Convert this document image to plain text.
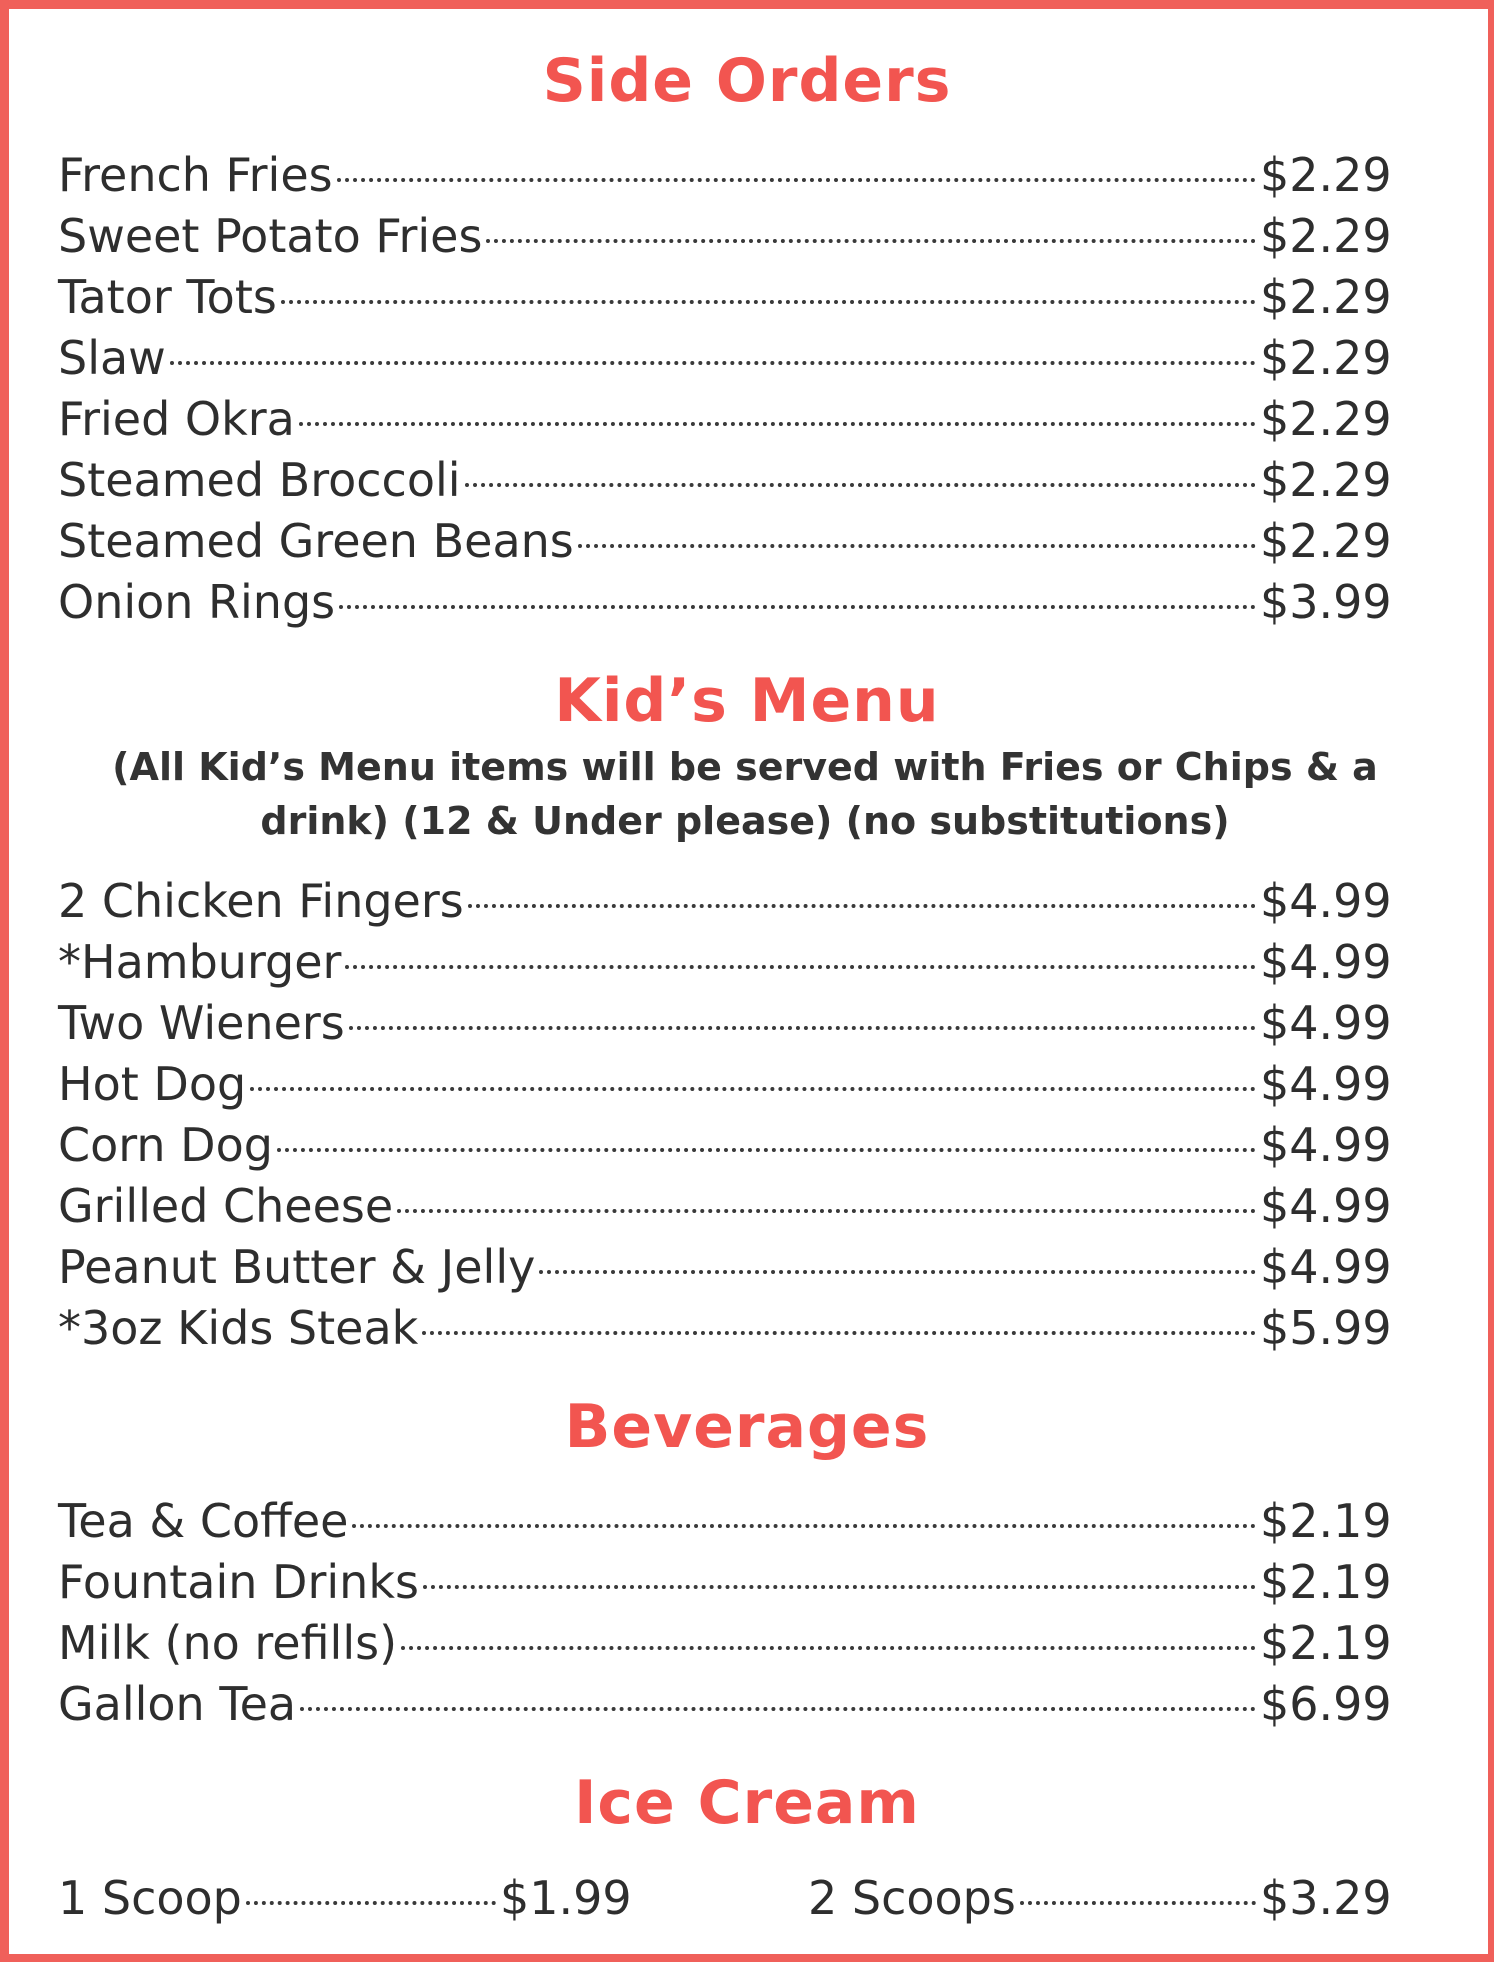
Side Orders
French Fries	$2.29
Sweet Potato Fries	$2.29
Tator Tots	$2.29
Slaw	$2.29
Fried Okra	$2.29
Steamed Broccoli	$2.29
Steamed Green Beans	$2.29
Onion Rings	$3.99
Kid’s Menu
(All Kid’s Menu items will be served with Fries or Chips & a drink) (12 & Under please) (no substitutions)
2 Chicken Fingers	$4.99
*Hamburger	$4.99
Two Wieners	$4.99
Hot Dog	$4.99
Corn Dog	$4.99
Grilled Cheese	$4.99
Peanut Butter & Jelly	$4.99
*3oz Kids Steak	$5.99
Beverages
Tea & Coffee	$2.19
Fountain Drinks	$2.19
Milk (no refills)	$2.19
Gallon Tea	$6.99
Ice Cream
1 Scoop	$1.99	2 Scoops	$3.29
